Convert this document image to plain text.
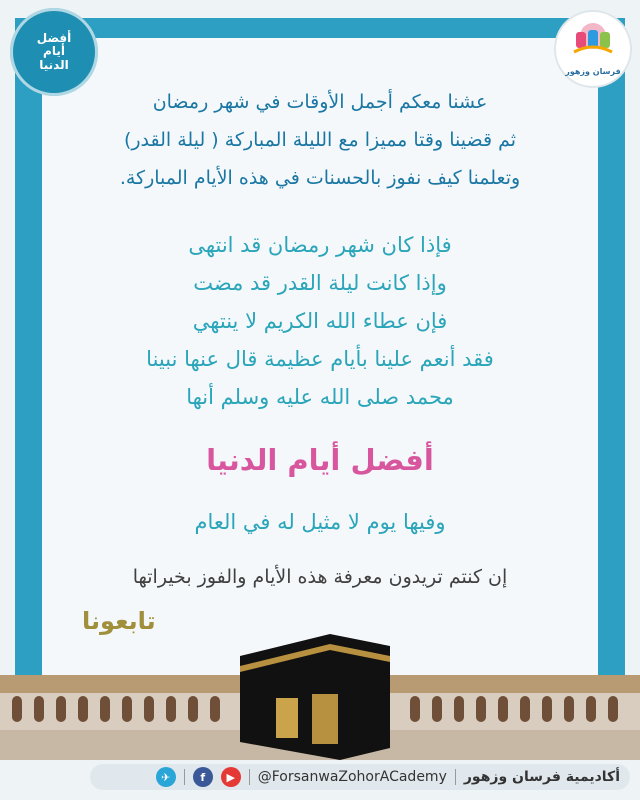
أفضل
أيام
الدنيا	فرسان وزهور
عشنا معكم أجمل الأوقات في شهر رمضان
ثم قضينا وقتا مميزا مع الليلة المباركة ( ليلة القدر)
وتعلمنا كيف نفوز بالحسنات في هذه الأيام المباركة.
فإذا كان شهر رمضان قد انتهى
وإذا كانت ليلة القدر قد مضت
فإن عطاء الله الكريم لا ينتهي
فقد أنعم علينا بأيام عظيمة قال عنها نبينا
محمد صلى الله عليه وسلم أنها
أفضل أيام الدنيا
وفيها يوم لا مثيل له في العام
إن كنتم تريدون معرفة هذه الأيام والفوز بخيراتها
تابعونا
✈	f	▶	@ForsanwaZohorACademy أكاديمية فرسان وزهور
